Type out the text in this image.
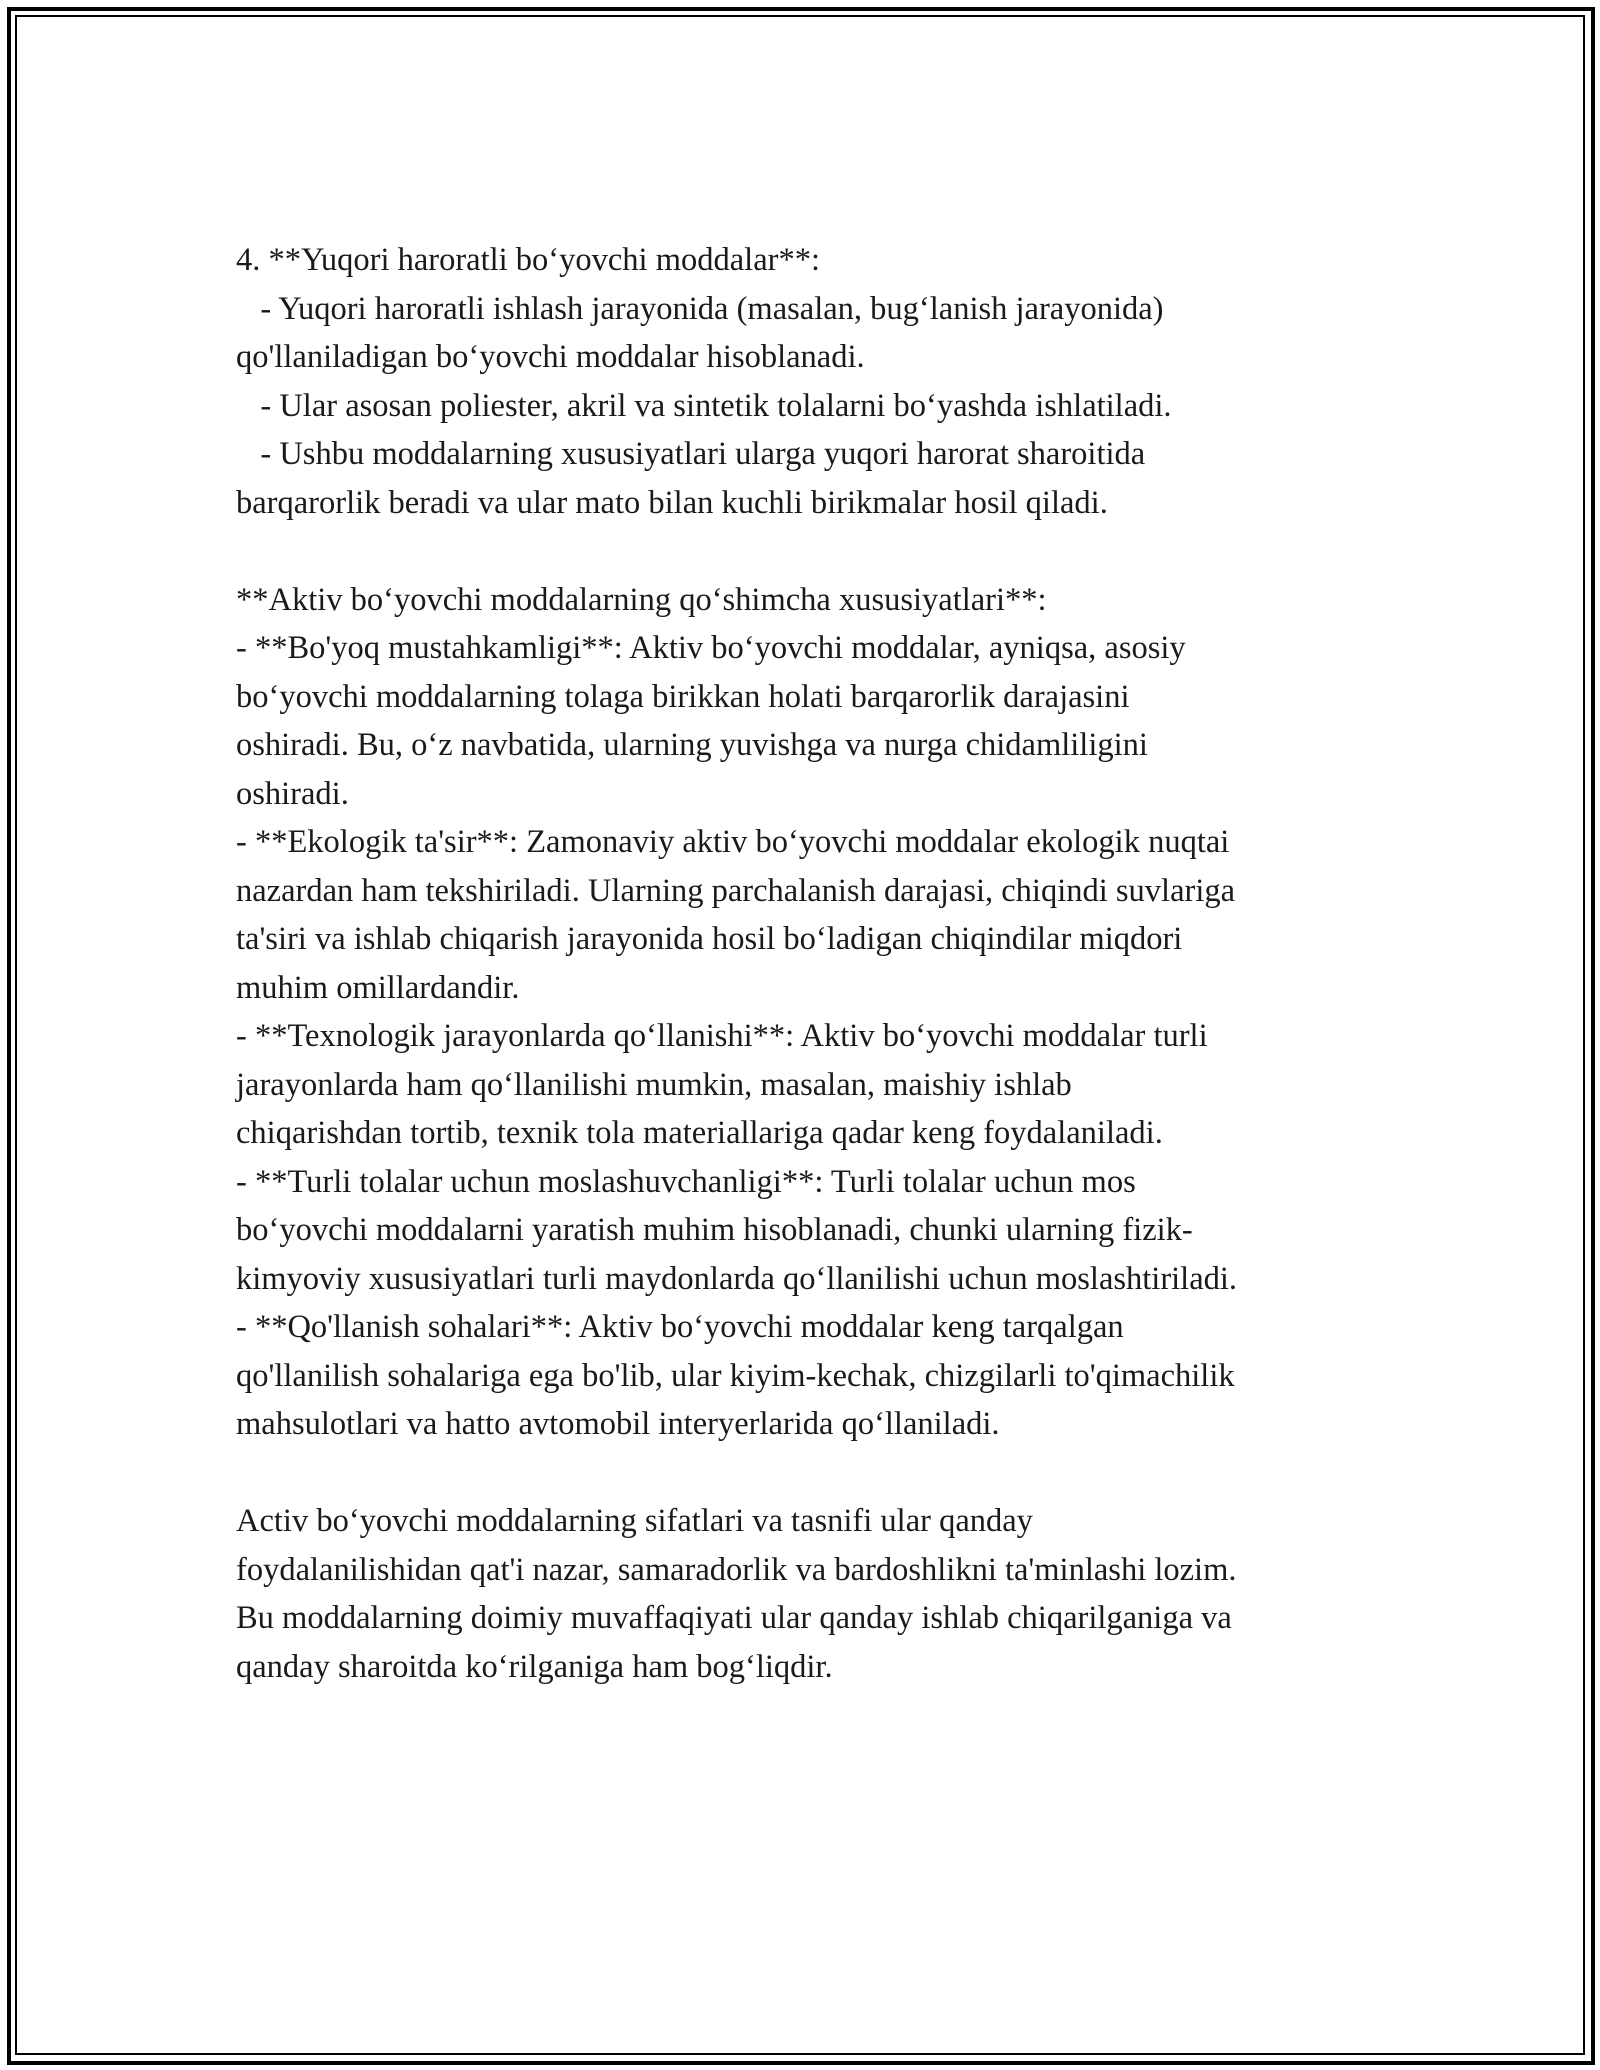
4. **Yuqori haroratli bo‘yovchi moddalar**:
- Yuqori haroratli ishlash jarayonida (masalan, bug‘lanish jarayonida)
qo'llaniladigan bo‘yovchi moddalar hisoblanadi.
- Ular asosan poliester, akril va sintetik tolalarni bo‘yashda ishlatiladi.
- Ushbu moddalarning xususiyatlari ularga yuqori harorat sharoitida
barqarorlik beradi va ular mato bilan kuchli birikmalar hosil qiladi.
**Aktiv bo‘yovchi moddalarning qo‘shimcha xususiyatlari**:
- **Bo'yoq mustahkamligi**: Aktiv bo‘yovchi moddalar, ayniqsa, asosiy
bo‘yovchi moddalarning tolaga birikkan holati barqarorlik darajasini
oshiradi. Bu, o‘z navbatida, ularning yuvishga va nurga chidamliligini
oshiradi.
- **Ekologik ta'sir**: Zamonaviy aktiv bo‘yovchi moddalar ekologik nuqtai
nazardan ham tekshiriladi. Ularning parchalanish darajasi, chiqindi suvlariga
ta'siri va ishlab chiqarish jarayonida hosil bo‘ladigan chiqindilar miqdori
muhim omillardandir.
- **Texnologik jarayonlarda qo‘llanishi**: Aktiv bo‘yovchi moddalar turli
jarayonlarda ham qo‘llanilishi mumkin, masalan, maishiy ishlab
chiqarishdan tortib, texnik tola materiallariga qadar keng foydalaniladi.
- **Turli tolalar uchun moslashuvchanligi**: Turli tolalar uchun mos
bo‘yovchi moddalarni yaratish muhim hisoblanadi, chunki ularning fizik-
kimyoviy xususiyatlari turli maydonlarda qo‘llanilishi uchun moslashtiriladi.
- **Qo'llanish sohalari**: Aktiv bo‘yovchi moddalar keng tarqalgan
qo'llanilish sohalariga ega bo'lib, ular kiyim-kechak, chizgilarli to'qimachilik
mahsulotlari va hatto avtomobil interyerlarida qo‘llaniladi.
Activ bo‘yovchi moddalarning sifatlari va tasnifi ular qanday
foydalanilishidan qat'i nazar, samaradorlik va bardoshlikni ta'minlashi lozim.
Bu moddalarning doimiy muvaffaqiyati ular qanday ishlab chiqarilganiga va
qanday sharoitda ko‘rilganiga ham bog‘liqdir.
